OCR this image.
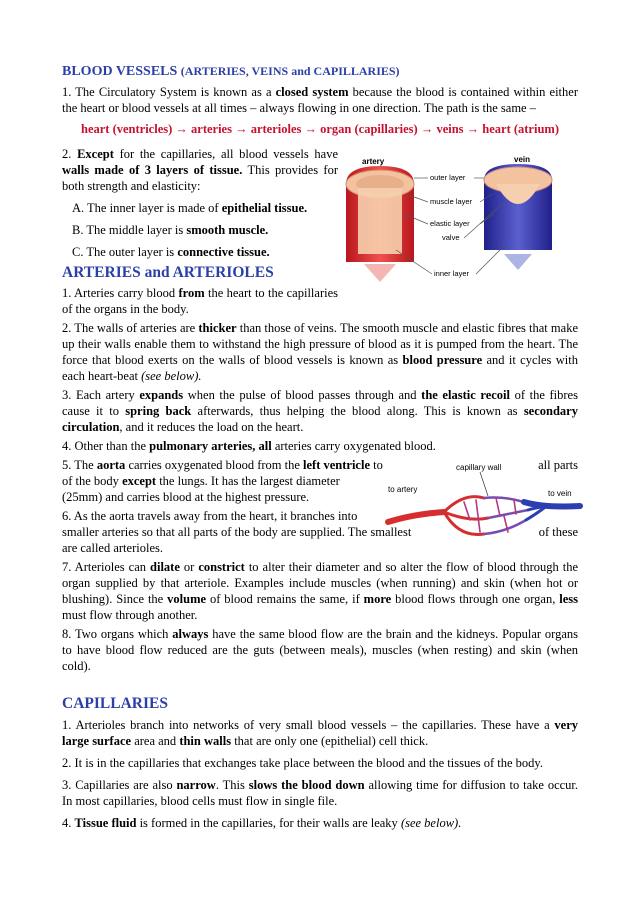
BLOOD VESSELS (ARTERIES, VEINS and CAPILLARIES)

1. The Circulatory System is known as a closed system because the blood is contained within either the heart or blood vessels at all times – always flowing in one direction. The path is the same –

heart (ventricles) → arteries → arterioles → organ (capillaries) → veins → heart (atrium)

2. Except for the capillaries, all blood vessels have walls made of 3 layers of tissue. This provides for both strength and elasticity:

A. The inner layer is made of epithelial tissue.

B. The middle layer is smooth muscle.

C. The outer layer is connective tissue.

ARTERIES and ARTERIOLES

1. Arteries carry blood from the heart to the capillaries of the organs in the body.

2. The walls of arteries are thicker than those of veins. The smooth muscle and elastic fibres that make up their walls enable them to withstand the high pressure of blood as it is pumped from the heart. The force that blood exerts on the walls of blood vessels is known as blood pressure and it cycles with each heart-beat (see below).

3. Each artery expands when the pulse of blood passes through and the elastic recoil of the fibres cause it to spring back afterwards, thus helping the blood along. This is known as secondary circulation, and it reduces the load on the heart.

4. Other than the pulmonary arteries, all arteries carry oxygenated blood.

5. The aorta carries oxygenated blood from the left ventricle to	all parts

of the body except the lungs. It has the largest diameter

(25mm) and carries blood at the highest pressure.

6. As the aorta travels away from the heart, it branches into

smaller arteries so that all parts of the body are supplied. The smallest	of these

are called arterioles.

7. Arterioles can dilate or constrict to alter their diameter and so alter the flow of blood through the organ supplied by that arteriole. Examples include muscles (when running) and skin (when hot or blushing). Since the volume of blood remains the same, if more blood flows through one organ, less must flow through another.

8. Two organs which always have the same blood flow are the brain and the kidneys. Popular organs to have blood flow reduced are the guts (between meals), muscles (when resting) and skin (when cold).

CAPILLARIES

1. Arterioles branch into networks of very small blood vessels – the capillaries. These have a very large surface area and thin walls that are only one (epithelial) cell thick.

2. It is in the capillaries that exchanges take place between the blood and the tissues of the body.

3. Capillaries are also narrow. This slows the blood down allowing time for diffusion to take occur. In most capillaries, blood cells must flow in single file.

4. Tissue fluid is formed in the capillaries, for their walls are leaky (see below).

artery	vein
outer layer
muscle layer
elastic layer
valve
inner layer
capillary wall
to artery	to vein
